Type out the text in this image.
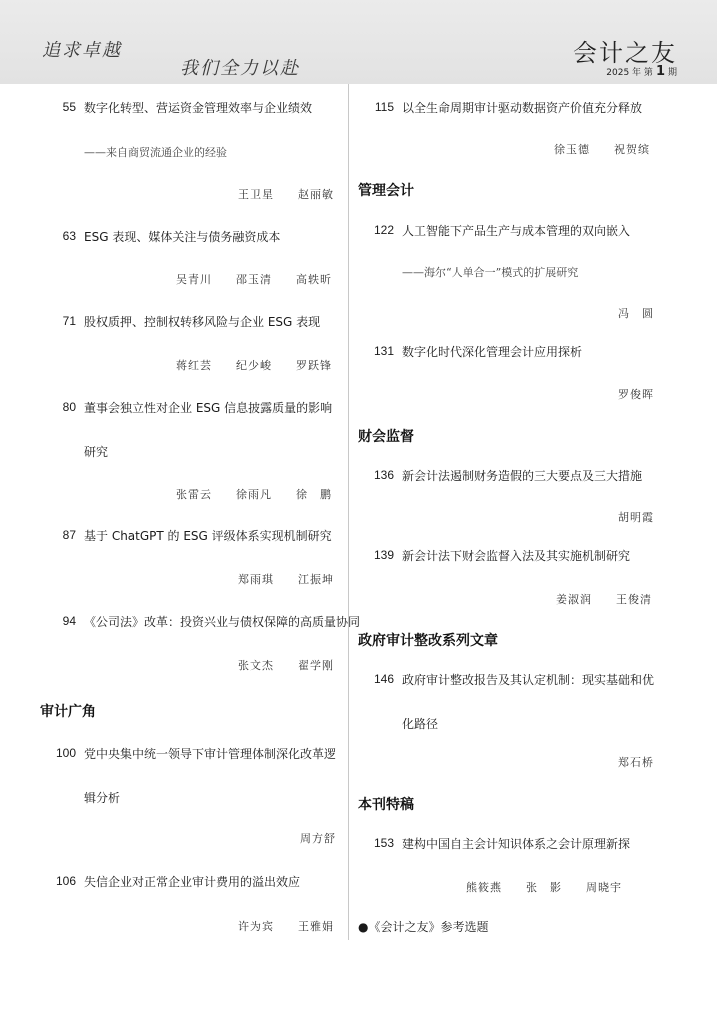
追求卓越
我们全力以赴
会计之友
2025 年 第 1 期
55 数字化转型、营运资金管理效率与企业绩效
——来自商贸流通企业的经验
王卫星　　赵丽敏
63 ESG 表现、媒体关注与债务融资成本
吴青川　　邵玉清　　高轶昕
71 股权质押、控制权转移风险与企业 ESG 表现
蒋红芸　　纪少峻　　罗跃锋
80 董事会独立性对企业 ESG 信息披露质量的影响
研究
张雷云　　徐雨凡　　徐　鹏
87 基于 ChatGPT 的 ESG 评级体系实现机制研究
郑雨琪　　江振坤
94 《公司法》改革：投资兴业与债权保障的高质量协同
张文杰　　翟学刚
审计广角
100 党中央集中统一领导下审计管理体制深化改革逻
辑分析
周方舒
106 失信企业对正常企业审计费用的溢出效应
许为宾　　王雅娟
115 以全生命周期审计驱动数据资产价值充分释放
徐玉德　　祝贺缤
管理会计
122 人工智能下产品生产与成本管理的双向嵌入
——海尔“人单合一”模式的扩展研究
冯　圆
131 数字化时代深化管理会计应用探析
罗俊晖
财会监督
136 新会计法遏制财务造假的三大要点及三大措施
胡明霞
139 新会计法下财会监督入法及其实施机制研究
姜淑润　　王俊清
政府审计整改系列文章
146 政府审计整改报告及其认定机制：现实基础和优
化路径
郑石桥
本刊特稿
153 建构中国自主会计知识体系之会计原理新探
熊筱燕　　张　影　　周晓宇
●《会计之友》参考选题
